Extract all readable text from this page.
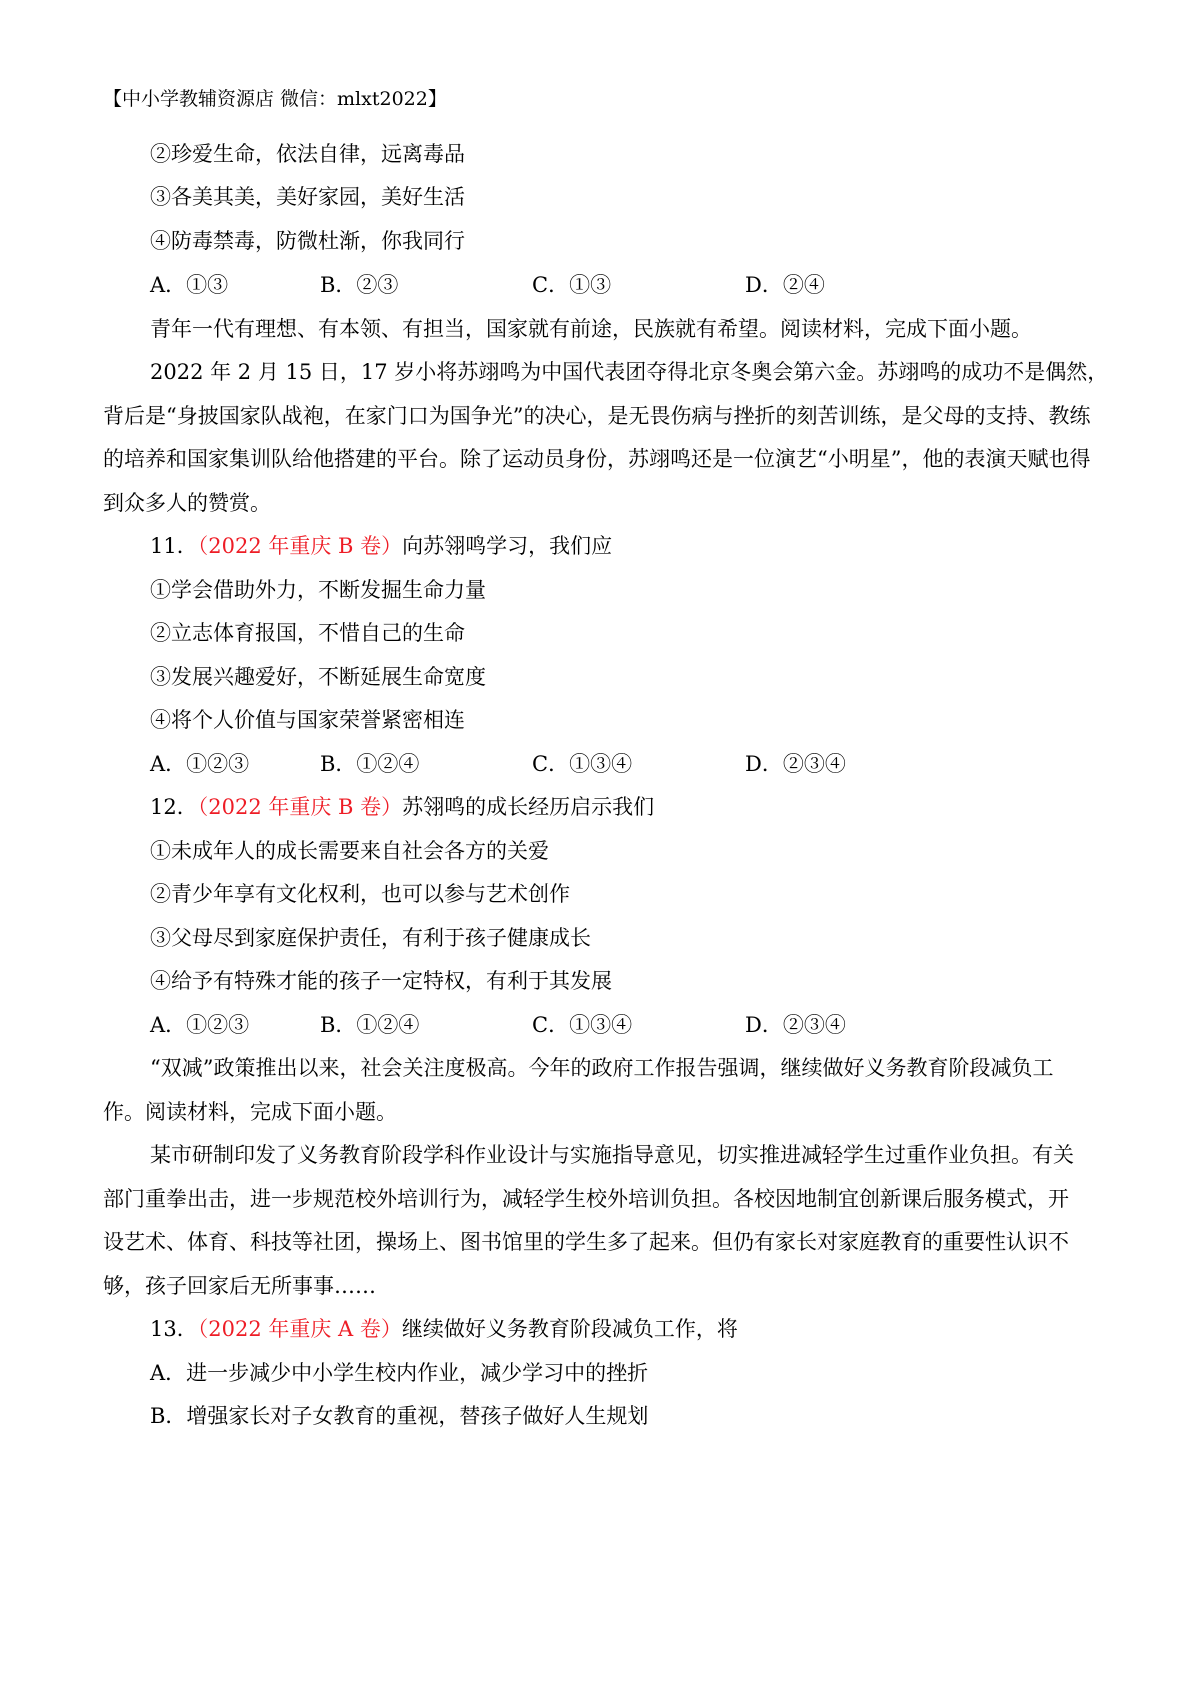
【中小学教辅资源店 微信：mlxt2022】
②珍爱生命，依法自律，远离毒品
③各美其美，美好家园，美好生活
④防毒禁毒，防微杜渐，你我同行
A．①③	B．②③	C．①③	D．②④
青年一代有理想、有本领、有担当，国家就有前途，民族就有希望。阅读材料，完成下面小题。
2022 年 2 月 15 日，17 岁小将苏翊鸣为中国代表团夺得北京冬奥会第六金。苏翊鸣的成功不是偶然，
背后是“身披国家队战袍，在家门口为国争光”的决心，是无畏伤病与挫折的刻苦训练，是父母的支持、教练
的培养和国家集训队给他搭建的平台。除了运动员身份，苏翊鸣还是一位演艺“小明星”，他的表演天赋也得
到众多人的赞赏。
11．（2022 年重庆 B 卷）向苏翎鸣学习，我们应
①学会借助外力，不断发掘生命力量
②立志体育报国，不惜自己的生命
③发展兴趣爱好，不断延展生命宽度
④将个人价值与国家荣誉紧密相连
A．①②③	B．①②④	C．①③④	D．②③④
12．（2022 年重庆 B 卷）苏翎鸣的成长经历启示我们
①未成年人的成长需要来自社会各方的关爱
②青少年享有文化权利，也可以参与艺术创作
③父母尽到家庭保护责任，有利于孩子健康成长
④给予有特殊才能的孩子一定特权，有利于其发展
A．①②③	B．①②④	C．①③④	D．②③④
“双减”政策推出以来，社会关注度极高。今年的政府工作报告强调，继续做好义务教育阶段减负工
作。阅读材料，完成下面小题。
某市研制印发了义务教育阶段学科作业设计与实施指导意见，切实推进减轻学生过重作业负担。有关
部门重拳出击，进一步规范校外培训行为，减轻学生校外培训负担。各校因地制宜创新课后服务模式，开
设艺术、体育、科技等社团，操场上、图书馆里的学生多了起来。但仍有家长对家庭教育的重要性认识不
够，孩子回家后无所事事……
13．（2022 年重庆 A 卷）继续做好义务教育阶段减负工作，将
A．进一步减少中小学生校内作业，减少学习中的挫折
B．增强家长对子女教育的重视，替孩子做好人生规划
